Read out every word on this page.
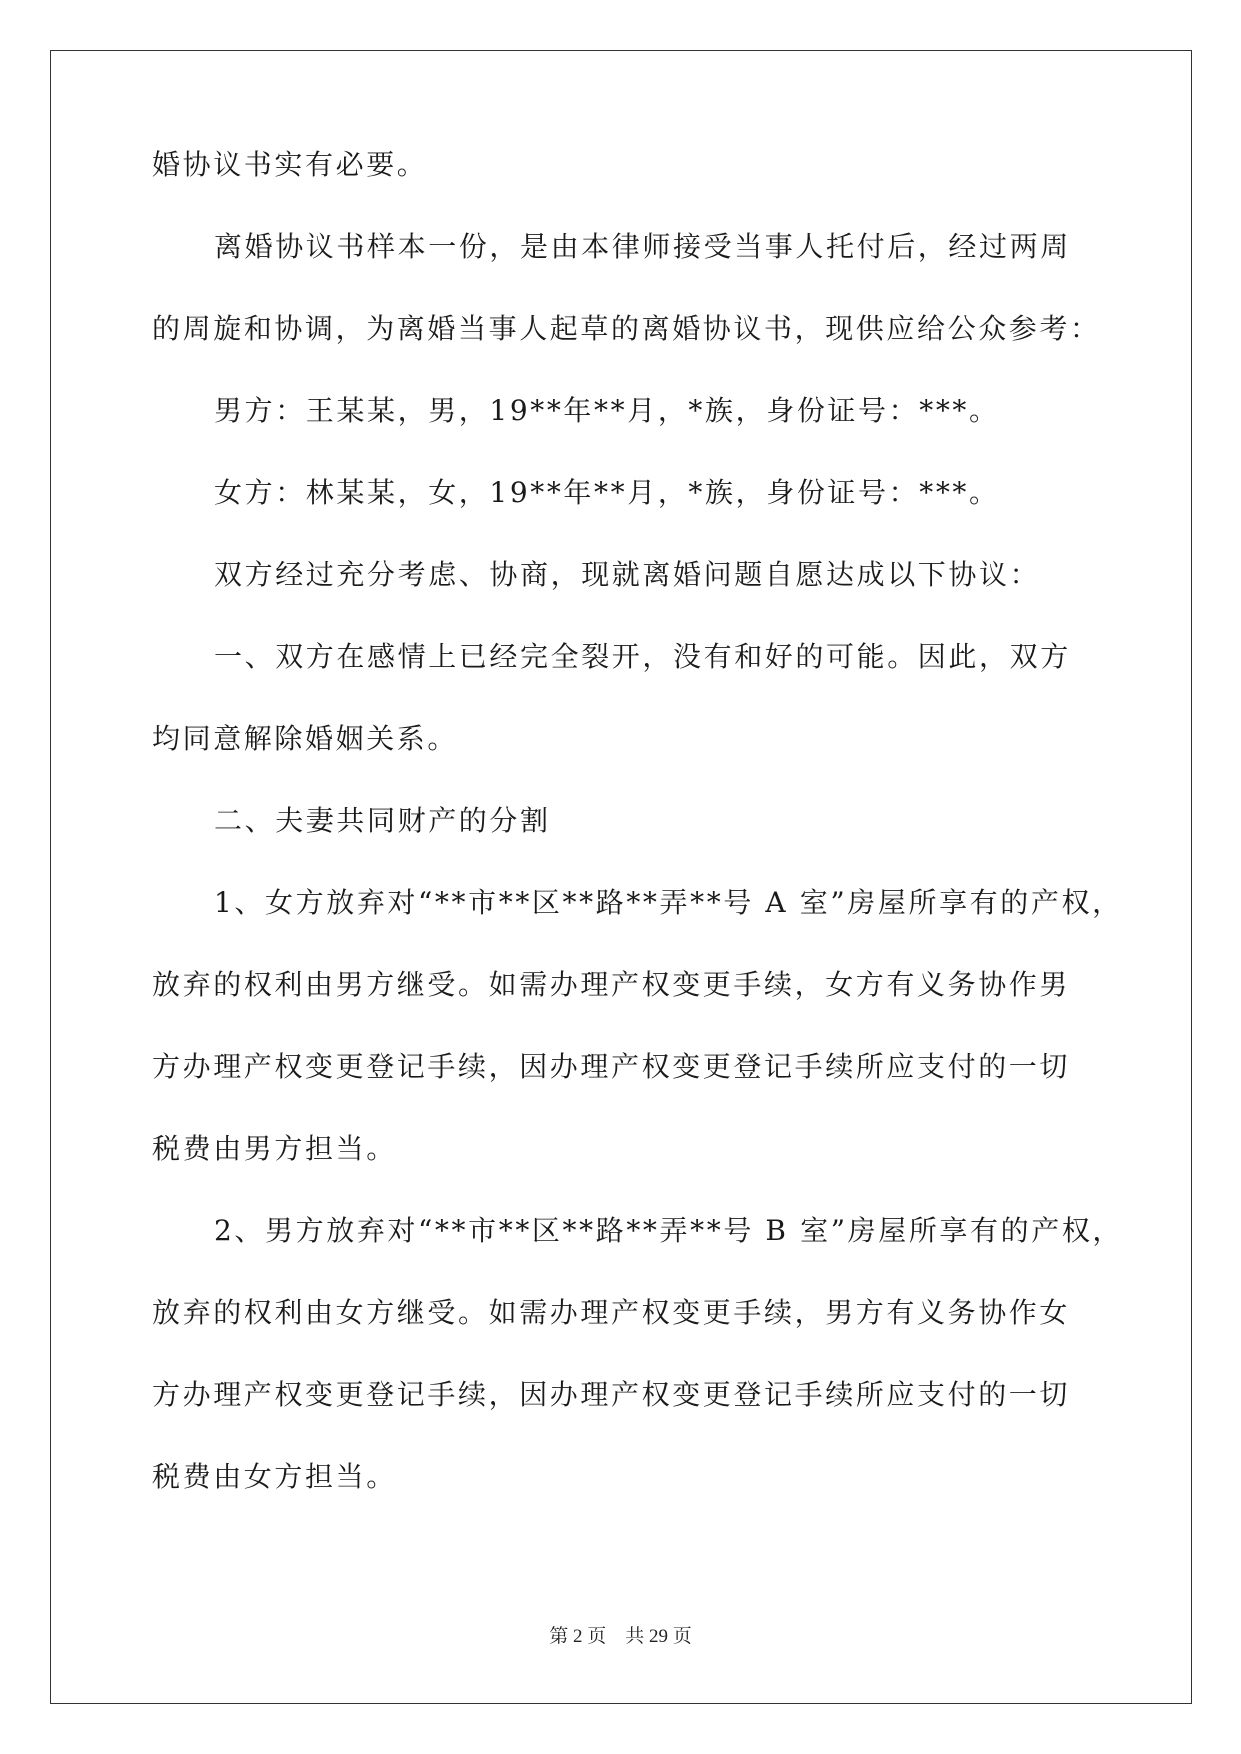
婚协议书实有必要。
离婚协议书样本一份，是由本律师接受当事人托付后，经过两周
的周旋和协调，为离婚当事人起草的离婚协议书，现供应给公众参考：
男方：王某某，男，19**年**月，*族，身份证号：***。
女方：林某某，女，19**年**月，*族，身份证号：***。
双方经过充分考虑、协商，现就离婚问题自愿达成以下协议：
一、双方在感情上已经完全裂开，没有和好的可能。因此，双方
均同意解除婚姻关系。
二、夫妻共同财产的分割
1、女方放弃对“**市**区**路**弄**号 A 室”房屋所享有的产权，
放弃的权利由男方继受。如需办理产权变更手续，女方有义务协作男
方办理产权变更登记手续，因办理产权变更登记手续所应支付的一切
税费由男方担当。
2、男方放弃对“**市**区**路**弄**号 B 室”房屋所享有的产权，
放弃的权利由女方继受。如需办理产权变更手续，男方有义务协作女
方办理产权变更登记手续，因办理产权变更登记手续所应支付的一切
税费由女方担当。
第 2 页    共 29 页
